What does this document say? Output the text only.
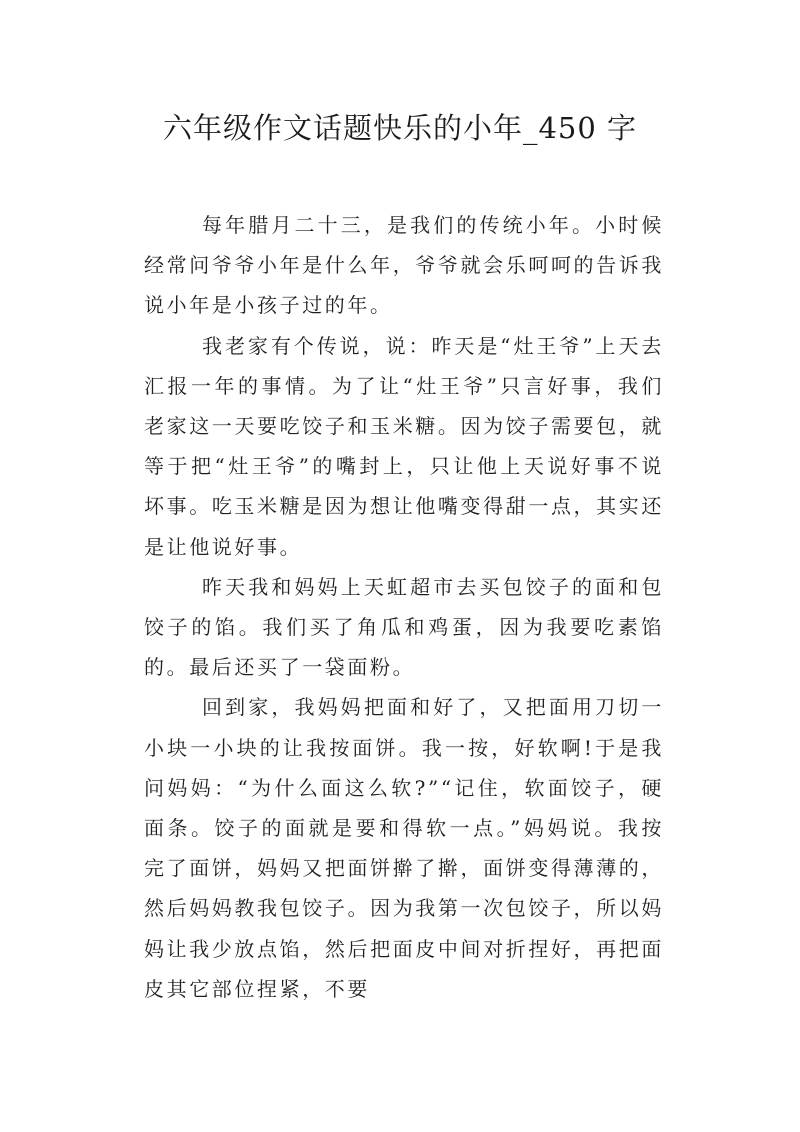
六年级作文话题快乐的小年_450 字

每年腊月二十三，是我们的传统小年。小时候经常问爷爷小年是什么年，爷爷就会乐呵呵的告诉我说小年是小孩子过的年。

我老家有个传说，说：昨天是“灶王爷”上天去汇报一年的事情。为了让“灶王爷”只言好事，我们老家这一天要吃饺子和玉米糖。因为饺子需要包，就等于把“灶王爷”的嘴封上，只让他上天说好事不说坏事。吃玉米糖是因为想让他嘴变得甜一点，其实还是让他说好事。

昨天我和妈妈上天虹超市去买包饺子的面和包饺子的馅。我们买了角瓜和鸡蛋，因为我要吃素馅的。最后还买了一袋面粉。

回到家，我妈妈把面和好了，又把面用刀切一小块一小块的让我按面饼。我一按，好软啊!于是我问妈妈：“为什么面这么软?”“记住，软面饺子，硬面条。饺子的面就是要和得软一点。”妈妈说。我按完了面饼，妈妈又把面饼擀了擀，面饼变得薄薄的，然后妈妈教我包饺子。因为我第一次包饺子，所以妈妈让我少放点馅，然后把面皮中间对折捏好，再把面皮其它部位捏紧，不要
